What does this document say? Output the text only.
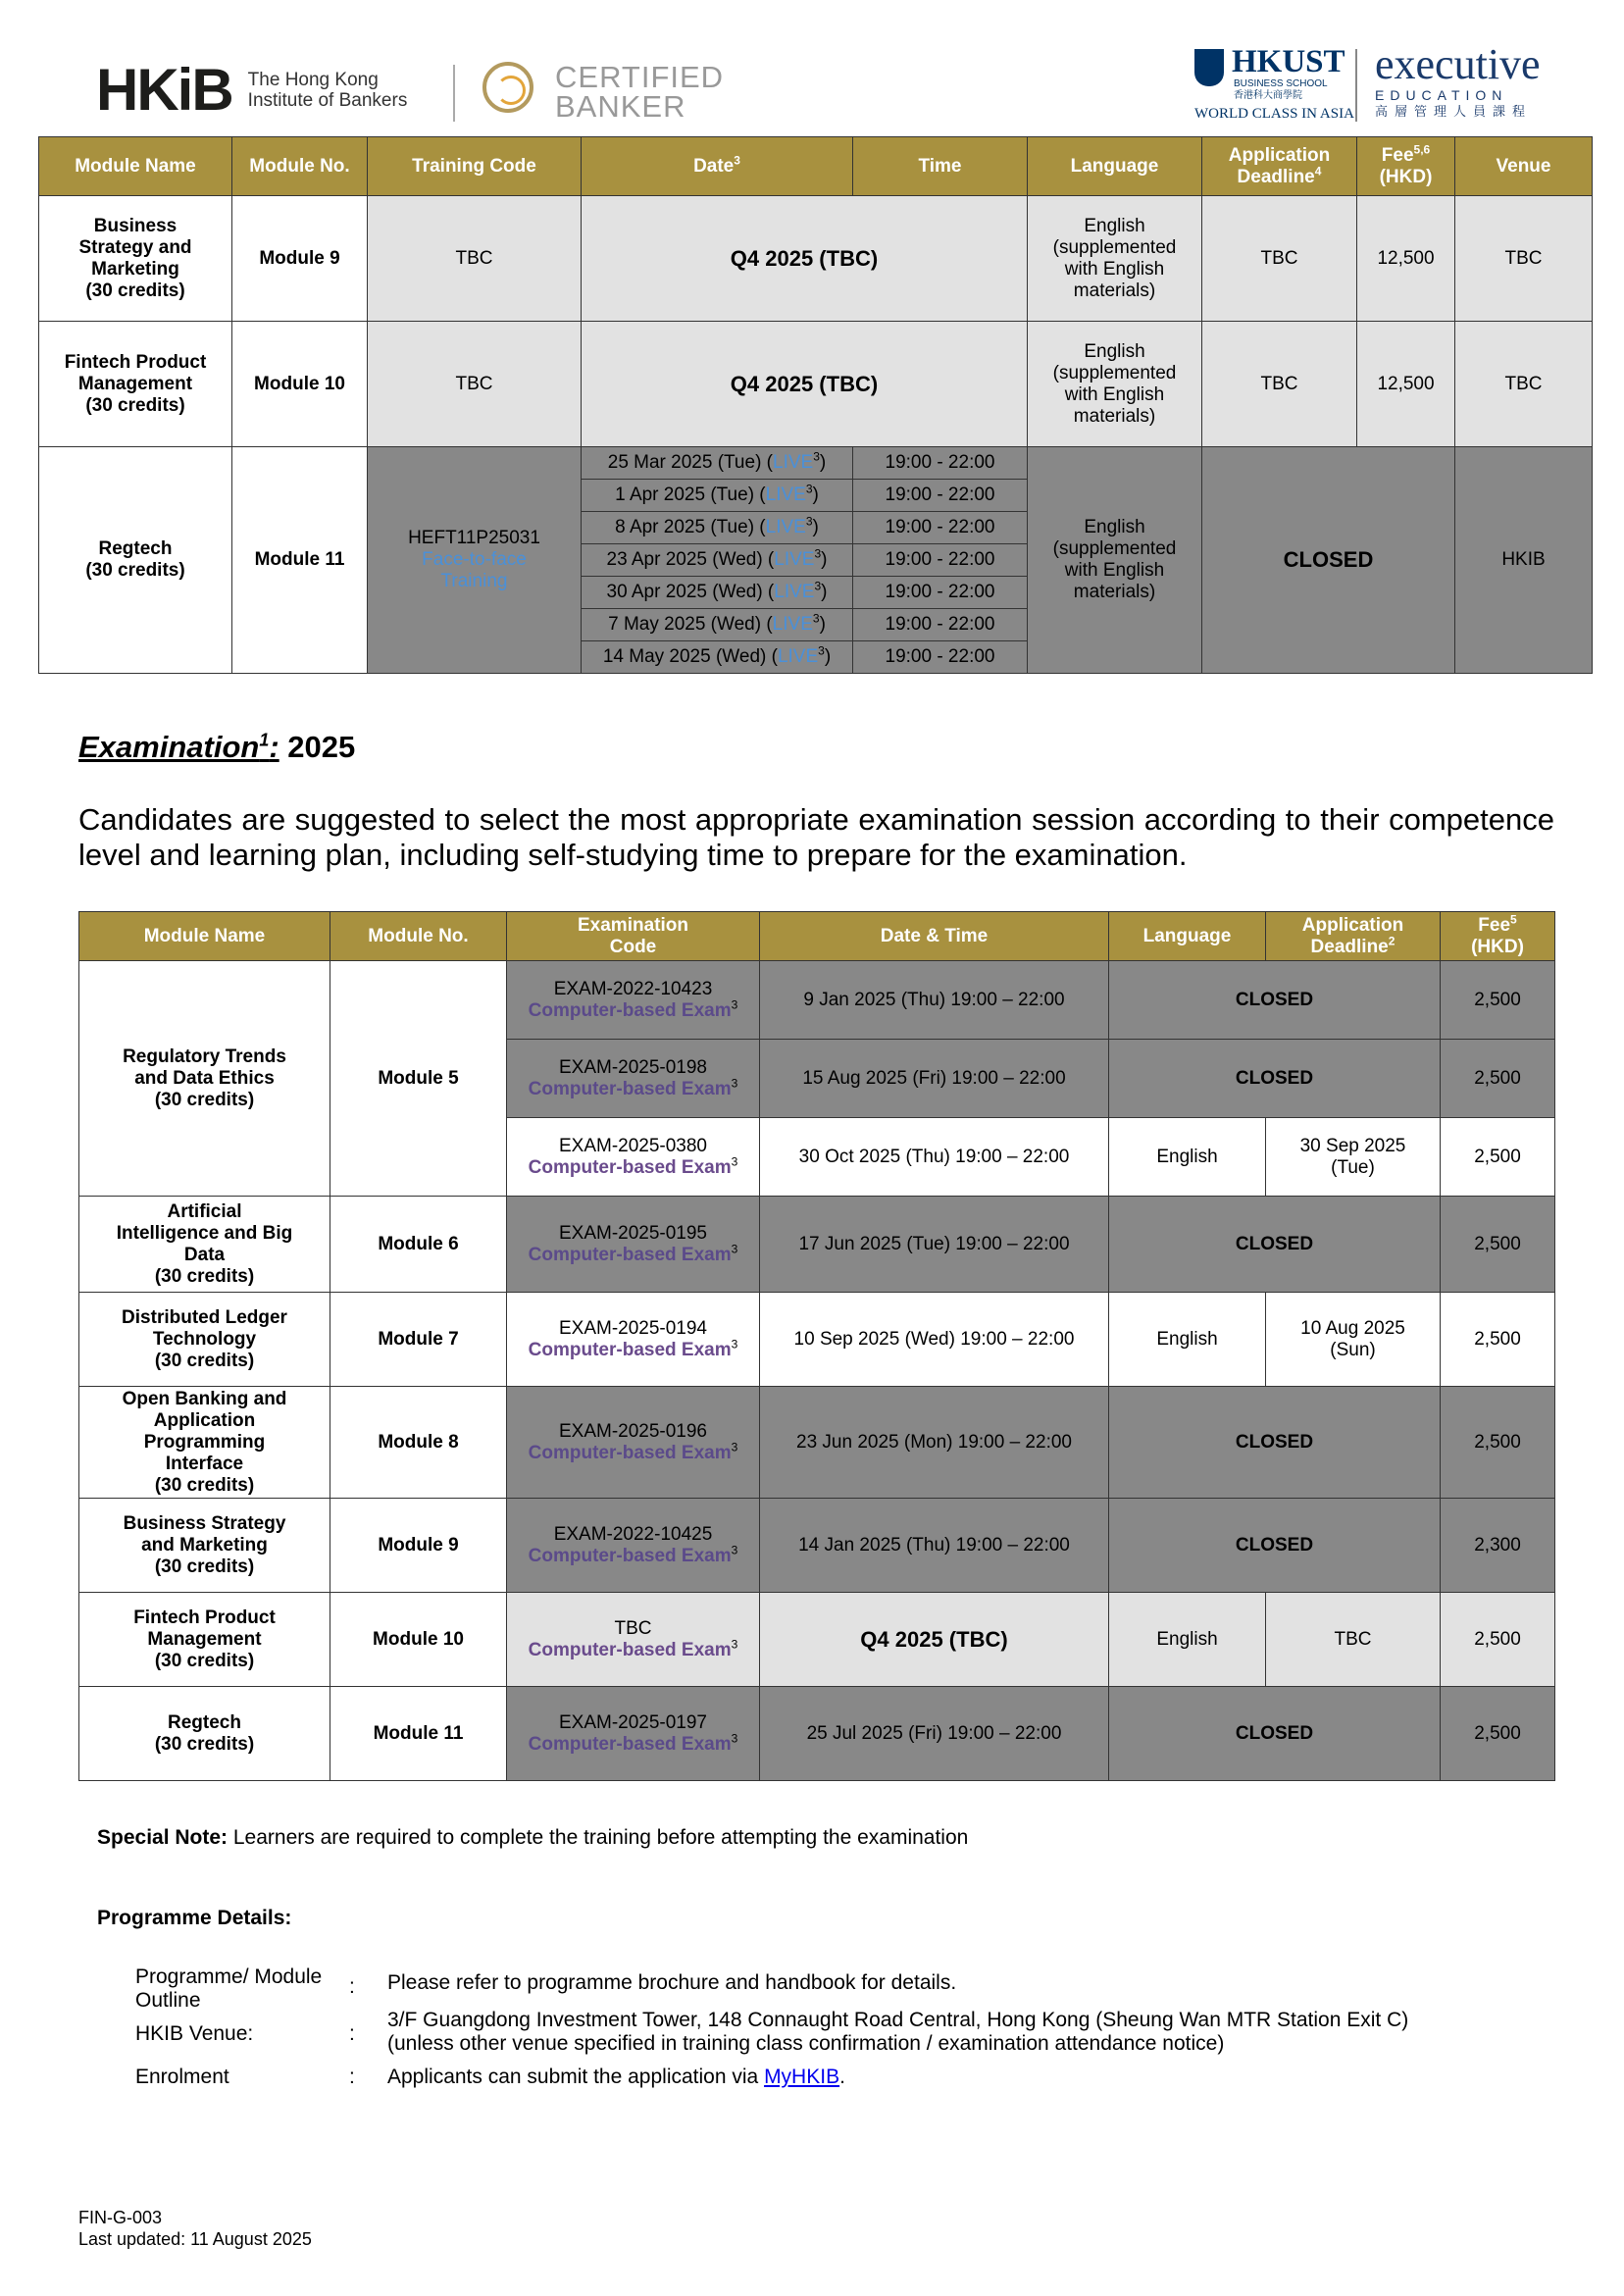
HKiB The Hong Kong
Institute of Bankers
CERTIFIED
BANKER
HKUST
BUSINESS SCHOOL
香港科大商學院
WORLD CLASS IN ASIA
executive
EDUCATION
高層管理人員課程
Module Name	Module No.	Training Code	Date$^3$	Time	Language	Application Deadline$^4$	Fee$^{5,6}$
(HKD)	Venue
Business
Strategy and
Marketing
(30 credits)	Module 9	TBC	Q4 2025 (TBC)		English
(supplemented
with English
materials)	TBC	12,500	TBC
Fintech Product
Management
(30 credits)	Module 10	TBC	Q4 2025 (TBC)		English
(supplemented
with English
materials)	TBC	12,500	TBC
Regtech
(30 credits)	Module 11	HEFT11P25031
Face-to-face
Training	25 Mar 2025 (Tue) (LIVE$^3$)	19:00 - 22:00	English
(supplemented
with English
materials)	CLOSED		HKIB
			1 Apr 2025 (Tue) (LIVE$^3$)	19:00 - 22:00				
			8 Apr 2025 (Tue) (LIVE$^3$)	19:00 - 22:00				
			23 Apr 2025 (Wed) (LIVE$^3$)	19:00 - 22:00				
			30 Apr 2025 (Wed) (LIVE$^3$)	19:00 - 22:00				
			7 May 2025 (Wed) (LIVE$^3$)	19:00 - 22:00				
			14 May 2025 (Wed) (LIVE$^3$)	19:00 - 22:00				
Examination$^1$: 2025
Candidates are suggested to select the most appropriate examination session according to their competence level and learning plan, including self-studying time to prepare for the examination.
Module Name	Module No.	Examination
Code	Date & Time	Language	Application
Deadline$^2$	Fee$^5$
(HKD)
Regulatory Trends
and Data Ethics
(30 credits)	Module 5	EXAM-2022-10423
Computer-based Exam$^3$	9 Jan 2025 (Thu) 19:00 – 22:00	CLOSED		2,500
		EXAM-2025-0198
Computer-based Exam$^3$	15 Aug 2025 (Fri) 19:00 – 22:00	CLOSED		2,500
		EXAM-2025-0380
Computer-based Exam$^3$	30 Oct 2025 (Thu) 19:00 – 22:00	English	30 Sep 2025
(Tue)	2,500
Artificial
Intelligence and Big
Data
(30 credits)	Module 6	EXAM-2025-0195
Computer-based Exam$^3$	17 Jun 2025 (Tue) 19:00 – 22:00	CLOSED		2,500
Distributed Ledger
Technology
(30 credits)	Module 7	EXAM-2025-0194
Computer-based Exam$^3$	10 Sep 2025 (Wed) 19:00 – 22:00	English	10 Aug 2025
(Sun)	2,500
Open Banking and
Application
Programming
Interface
(30 credits)	Module 8	EXAM-2025-0196
Computer-based Exam$^3$	23 Jun 2025 (Mon) 19:00 – 22:00	CLOSED		2,500
Business Strategy
and Marketing
(30 credits)	Module 9	EXAM-2022-10425
Computer-based Exam$^3$	14 Jan 2025 (Thu) 19:00 – 22:00	CLOSED		2,300
Fintech Product
Management
(30 credits)	Module 10	TBC
Computer-based Exam$^3$	Q4 2025 (TBC)	English	TBC	2,500
Regtech
(30 credits)	Module 11	EXAM-2025-0197
Computer-based Exam$^3$	25 Jul 2025 (Fri) 19:00 – 22:00	CLOSED		2,500
Special Note: Learners are required to complete the training before attempting the examination
Programme Details:
Programme/ Module
Outline
: Please refer to programme brochure and handbook for details.
HKIB Venue:	:
3/F Guangdong Investment Tower, 148 Connaught Road Central, Hong Kong (Sheung Wan MTR Station Exit C)
(unless other venue specified in training class confirmation / examination attendance notice)
Enrolment	: Applicants can submit the application via MyHKIB.
FIN-G-003
Last updated: 11 August 2025
